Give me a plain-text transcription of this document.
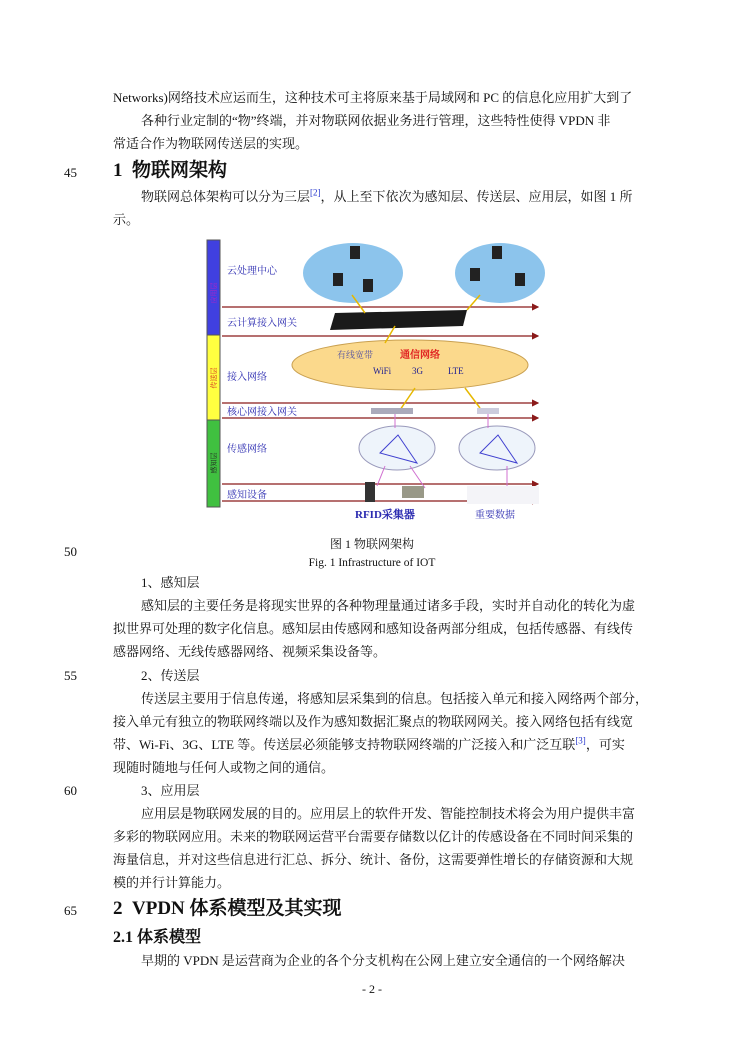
Networks)网络技术应运而生，这种技术可主将原来基于局域网和 PC 的信息化应用扩大到了
各种行业定制的“物”终端，并对物联网依据业务进行管理，这些特性使得 VPDN 非
常适合作为物联网传送层的实现。
45 1 物联网架构
物联网总体架构可以分为三层[2]，从上至下依次为感知层、传送层、应用层，如图 1 所
示。
应用层
传送层
感知层
有线宽带	通信网络
WiFi 3G	LTE
云处理中心
云计算接入网关
接入网络
核心网接入网关
传感网络
感知设备
RFID采集器	重要数据
50	图 1 物联网架构
Fig. 1 Infrastructure of IOT
1、感知层
感知层的主要任务是将现实世界的各种物理量通过诸多手段，实时并自动化的转化为虚
拟世界可处理的数字化信息。感知层由传感网和感知设备两部分组成，包括传感器、有线传
感器网络、无线传感器网络、视频采集设备等。
55	2、传送层
传送层主要用于信息传递，将感知层采集到的信息。包括接入单元和接入网络两个部分，
接入单元有独立的物联网终端以及作为感知数据汇聚点的物联网网关。接入网络包括有线宽
带、Wi-Fi、3G、LTE 等。传送层必须能够支持物联网终端的广泛接入和广泛互联[3]，可实
现随时随地与任何人或物之间的通信。
60	3、应用层
应用层是物联网发展的目的。应用层上的软件开发、智能控制技术将会为用户提供丰富
多彩的物联网应用。未来的物联网运营平台需要存储数以亿计的传感设备在不同时间采集的
海量信息，并对这些信息进行汇总、拆分、统计、备份，这需要弹性增长的存储资源和大规
模的并行计算能力。
65 2 VPDN 体系模型及其实现
2.1 体系模型
早期的 VPDN 是运营商为企业的各个分支机构在公网上建立安全通信的一个网络解决
- 2 -
